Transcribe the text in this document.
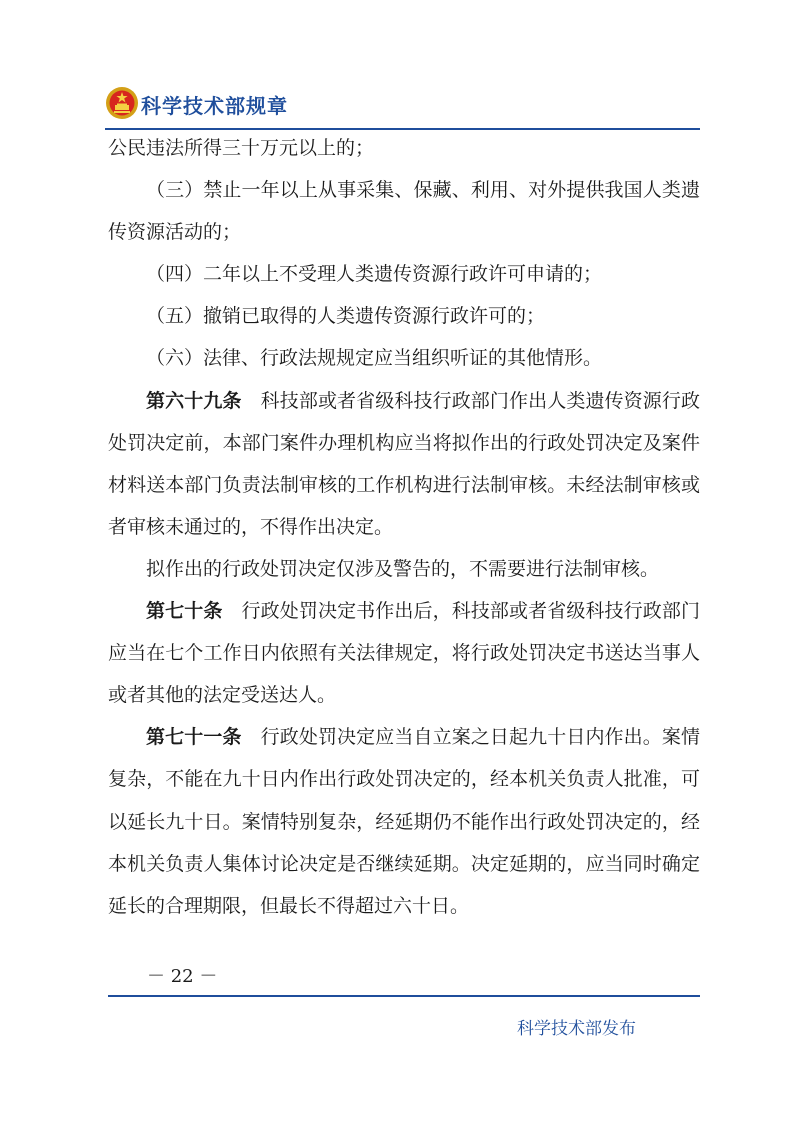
科学技术部规章

公民违法所得三十万元以上的；

（三）禁止一年以上从事采集、保藏、利用、对外提供我国人类遗传资源活动的；

（四）二年以上不受理人类遗传资源行政许可申请的；

（五）撤销已取得的人类遗传资源行政许可的；

（六）法律、行政法规规定应当组织听证的其他情形。

第六十九条  科技部或者省级科技行政部门作出人类遗传资源行政处罚决定前，本部门案件办理机构应当将拟作出的行政处罚决定及案件材料送本部门负责法制审核的工作机构进行法制审核。未经法制审核或者审核未通过的，不得作出决定。

拟作出的行政处罚决定仅涉及警告的，不需要进行法制审核。

第七十条  行政处罚决定书作出后，科技部或者省级科技行政部门应当在七个工作日内依照有关法律规定，将行政处罚决定书送达当事人或者其他的法定受送达人。

第七十一条  行政处罚决定应当自立案之日起九十日内作出。案情复杂，不能在九十日内作出行政处罚决定的，经本机关负责人批准，可以延长九十日。案情特别复杂，经延期仍不能作出行政处罚决定的，经本机关负责人集体讨论决定是否继续延期。决定延期的，应当同时确定延长的合理期限，但最长不得超过六十日。

－ 22 －
科学技术部发布
